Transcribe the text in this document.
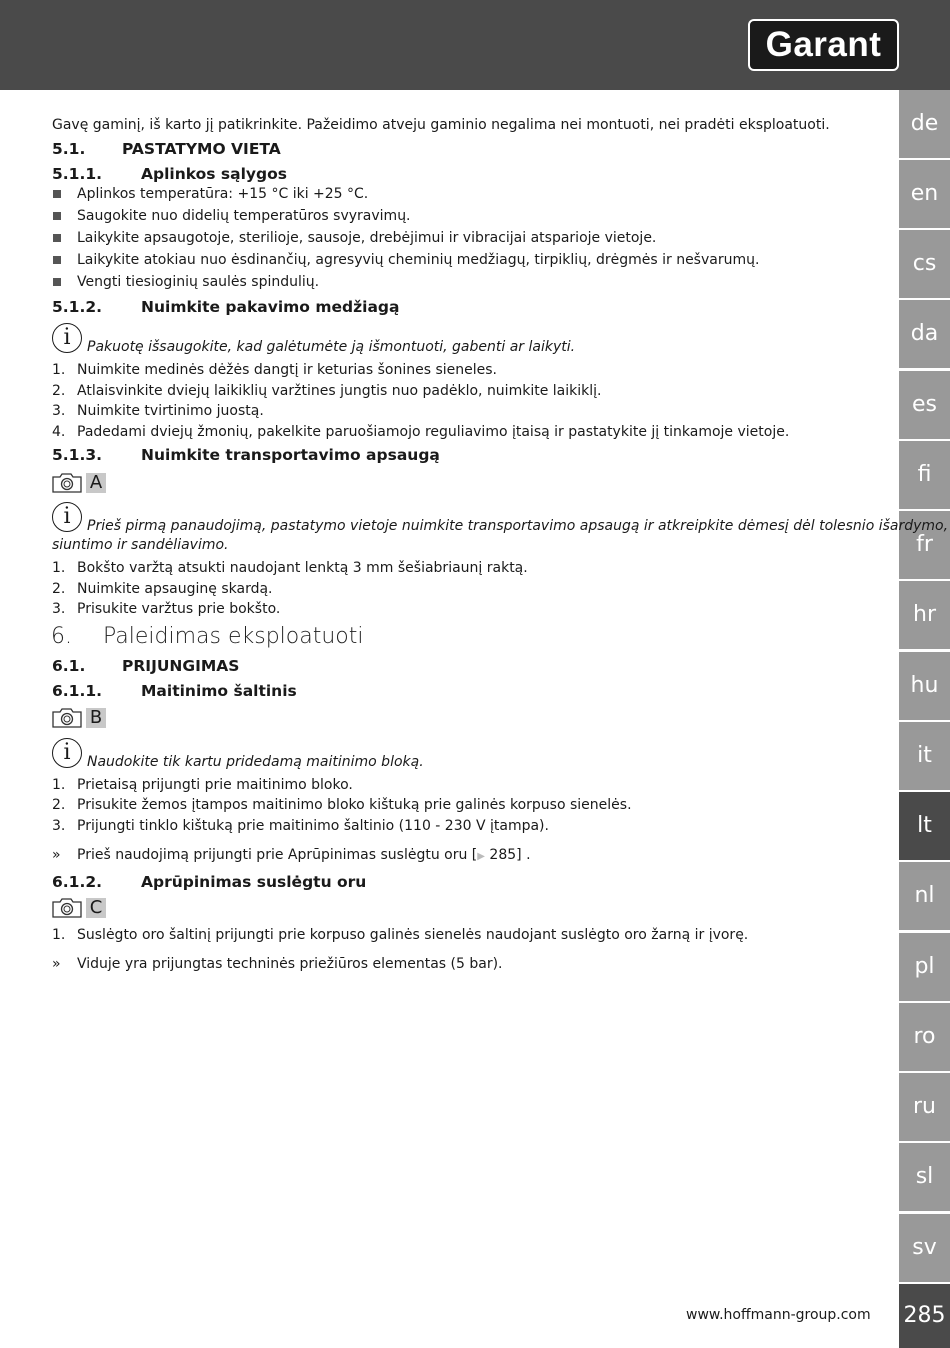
Garant
de
en
cs
da
es
fi
fr
hr
hu
it
lt
nl
pl
ro
ru
sl
sv
285
Gavę gaminį, iš karto jį patikrinkite. Pažeidimo atveju gaminio negalima nei montuoti, nei pradėti eksploatuoti.
5.1. PASTATYMO VIETA
5.1.1.	Aplinkos sąlygos
Aplinkos temperatūra: +15 °C iki +25 °C.
Saugokite nuo didelių temperatūros svyravimų.
Laikykite apsaugotoje, sterilioje, sausoje, drebėjimui ir vibracijai atsparioje vietoje.
Laikykite atokiau nuo ėsdinančių, agresyvių cheminių medžiagų, tirpiklių, drėgmės ir nešvarumų.
Vengti tiesioginių saulės spindulių.
5.1.2.	Nuimkite pakavimo medžiagą
i	Pakuotę išsaugokite, kad galėtumėte ją išmontuoti, gabenti ar laikyti.
1. Nuimkite medinės dėžės dangtį ir keturias šonines sieneles.
2. Atlaisvinkite dviejų laikiklių varžtines jungtis nuo padėklo, nuimkite laikiklį.
3. Nuimkite tvirtinimo juostą.
4. Padedami dviejų žmonių, pakelkite paruošiamojo reguliavimo įtaisą ir pastatykite jį tinkamoje vietoje.
5.1.3.	Nuimkite transportavimo apsaugą
A
i	Prieš pirmą panaudojimą, pastatymo vietoje nuimkite transportavimo apsaugą ir atkreipkite dėmesį dėl tolesnio išardymo,
siuntimo ir sandėliavimo.
1. Bokšto varžtą atsukti naudojant lenktą 3 mm šešiabriaunį raktą.
2. Nuimkite apsauginę skardą.
3. Prisukite varžtus prie bokšto.
6. Paleidimas eksploatuoti
6.1. PRIJUNGIMAS
6.1.1.	Maitinimo šaltinis
B
i	Naudokite tik kartu pridedamą maitinimo bloką.
1. Prietaisą prijungti prie maitinimo bloko.
2. Prisukite žemos įtampos maitinimo bloko kištuką prie galinės korpuso sienelės.
3. Prijungti tinklo kištuką prie maitinimo šaltinio (110 - 230 V įtampa).
» Prieš naudojimą prijungti prie Aprūpinimas suslėgtu oru [▶ 285] .
6.1.2.	Aprūpinimas suslėgtu oru
C
1. Suslėgto oro šaltinį prijungti prie korpuso galinės sienelės naudojant suslėgto oro žarną ir įvorę.
» Viduje yra prijungtas techninės priežiūros elementas (5 bar).
www.hoffmann-group.com
